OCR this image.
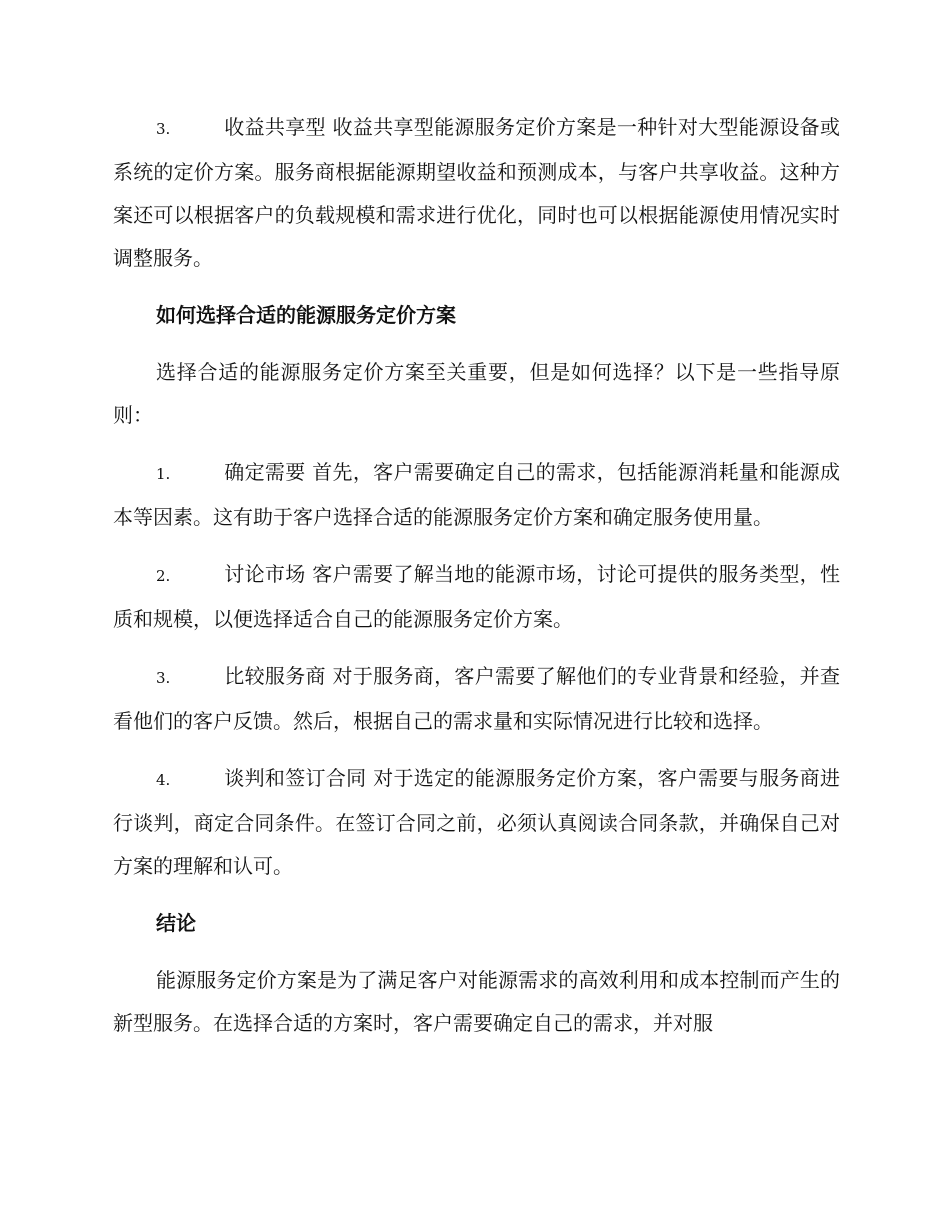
3.	收益共享型 收益共享型能源服务定价方案是一种针对大型能源设备或系统的定价方案。服务商根据能源期望收益和预测成本，与客户共享收益。这种方案还可以根据客户的负载规模和需求进行优化，同时也可以根据能源使用情况实时调整服务。

如何选择合适的能源服务定价方案

选择合适的能源服务定价方案至关重要，但是如何选择？以下是一些指导原则：

1.	确定需要 首先，客户需要确定自己的需求，包括能源消耗量和能源成本等因素。这有助于客户选择合适的能源服务定价方案和确定服务使用量。

2.	讨论市场 客户需要了解当地的能源市场，讨论可提供的服务类型，性质和规模，以便选择适合自己的能源服务定价方案。

3.	比较服务商 对于服务商，客户需要了解他们的专业背景和经验，并查看他们的客户反馈。然后，根据自己的需求量和实际情况进行比较和选择。

4.	谈判和签订合同 对于选定的能源服务定价方案，客户需要与服务商进行谈判，商定合同条件。在签订合同之前，必须认真阅读合同条款，并确保自己对方案的理解和认可。

结论

能源服务定价方案是为了满足客户对能源需求的高效利用和成本控制而产生的新型服务。在选择合适的方案时，客户需要确定自己的需求，并对服
